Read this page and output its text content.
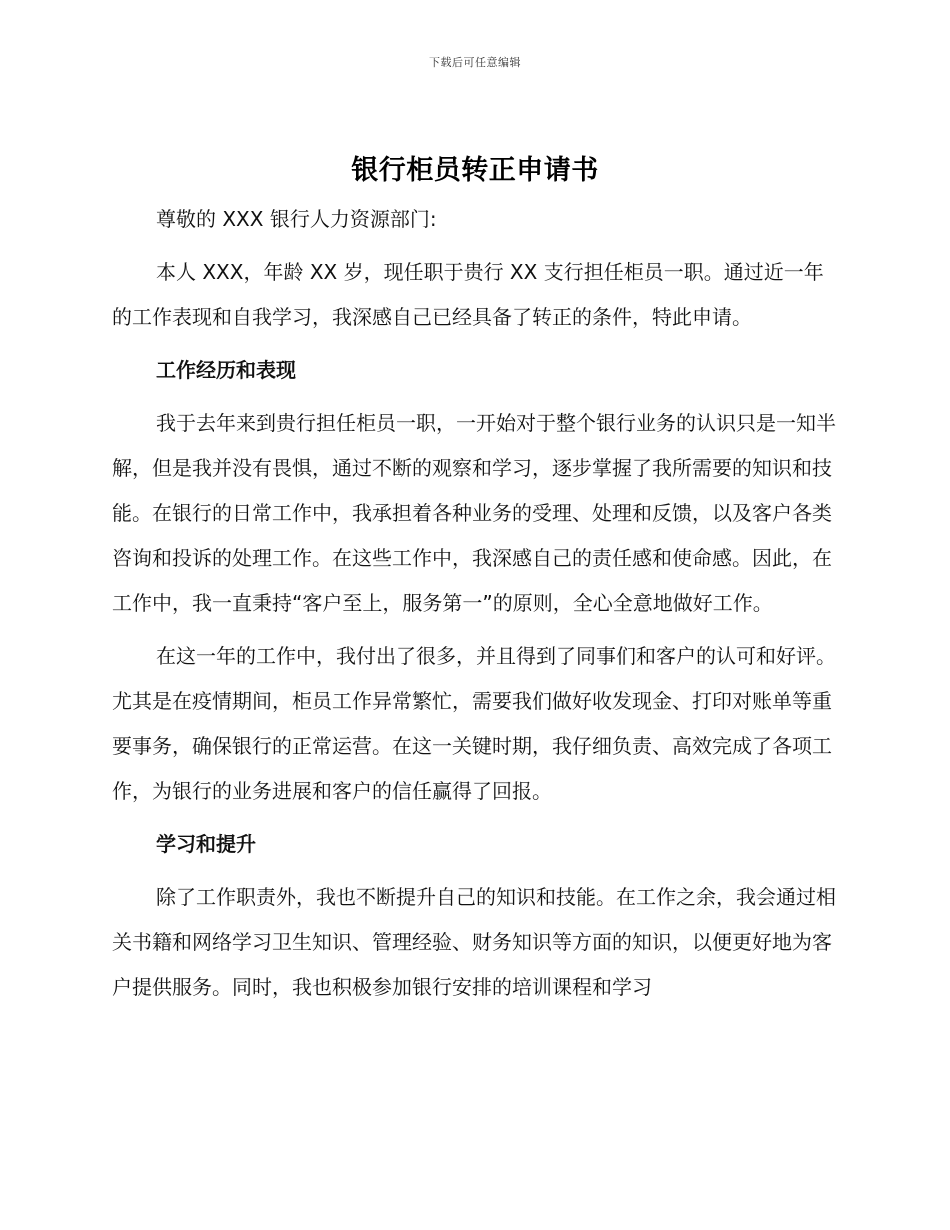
下载后可任意编辑
银行柜员转正申请书

尊敬的 XXX 银行人力资源部门:

本人 XXX，年龄 XX 岁，现任职于贵行 XX 支行担任柜员一职。通过近一年的工作表现和自我学习，我深感自己已经具备了转正的条件，特此申请。

工作经历和表现

我于去年来到贵行担任柜员一职，一开始对于整个银行业务的认识只是一知半解，但是我并没有畏惧，通过不断的观察和学习，逐步掌握了我所需要的知识和技能。在银行的日常工作中，我承担着各种业务的受理、处理和反馈，以及客户各类咨询和投诉的处理工作。在这些工作中，我深感自己的责任感和使命感。因此，在工作中，我一直秉持“客户至上，服务第一”的原则，全心全意地做好工作。

在这一年的工作中，我付出了很多，并且得到了同事们和客户的认可和好评。尤其是在疫情期间，柜员工作异常繁忙，需要我们做好收发现金、打印对账单等重要事务，确保银行的正常运营。在这一关键时期，我仔细负责、高效完成了各项工作，为银行的业务进展和客户的信任赢得了回报。

学习和提升

除了工作职责外，我也不断提升自己的知识和技能。在工作之余，我会通过相关书籍和网络学习卫生知识、管理经验、财务知识等方面的知识，以便更好地为客户提供服务。同时，我也积极参加银行安排的培训课程和学习
